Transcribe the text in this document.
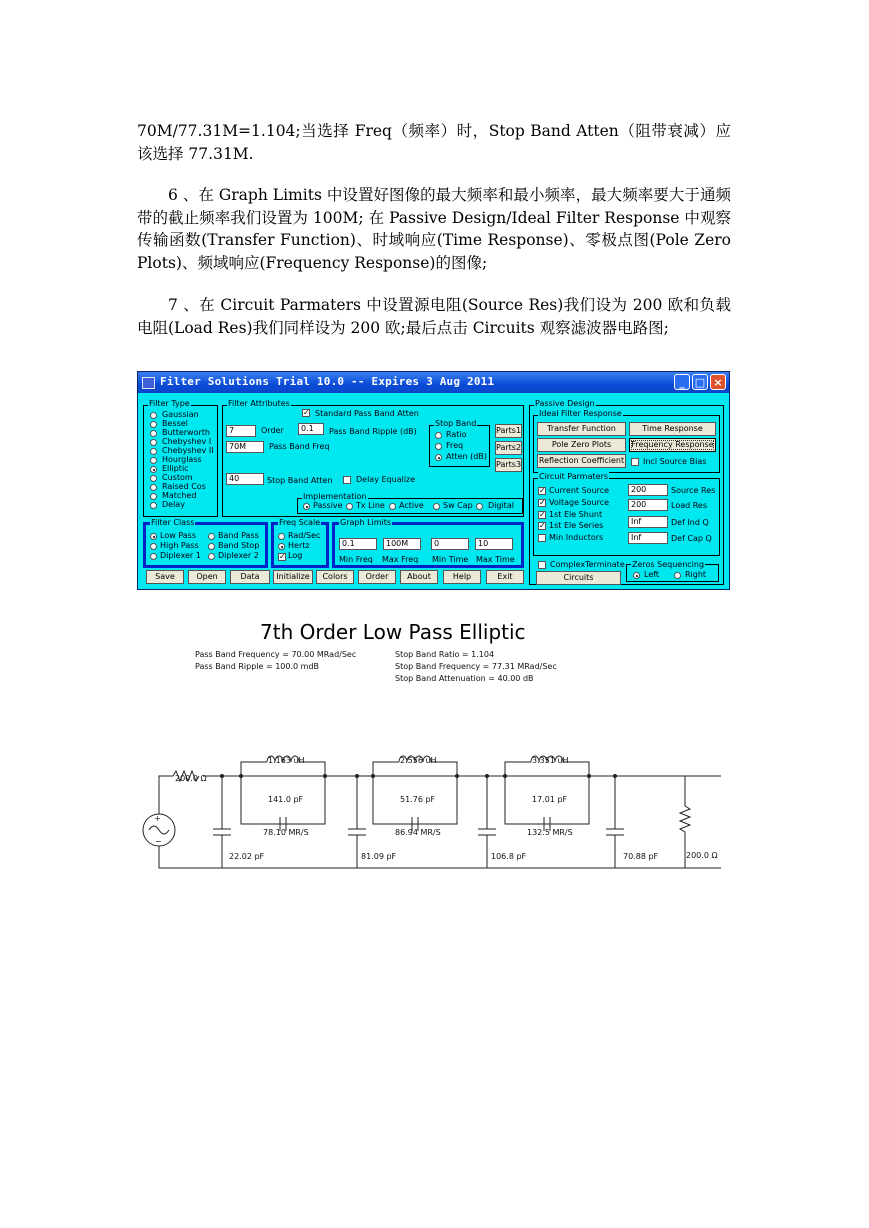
70M/77.31M=1.104;当选择 Freq（频率）时，Stop Band Atten（阻带衰减）应该选择 77.31M.
6 、在 Graph Limits 中设置好图像的最大频率和最小频率，最大频率要大于通频带的截止频率我们设置为 100M; 在 Passive Design/Ideal Filter Response 中观察传输函数(Transfer Function)、时域响应(Time Response)、零极点图(Pole Zero Plots)、频域响应(Frequency Response)的图像;
7 、在 Circuit Parmaters 中设置源电阻(Source Res)我们设为 200 欧和负载电阻(Load Res)我们同样设为 200 欧;最后点击 Circuits 观察滤波器电路图;
Filter Solutions Trial 10.0 -- Expires 3 Aug 2011	_ □ ×
Filter Type
Gaussian
Bessel
Butterworth
Chebyshev I
Chebyshev II
Hourglass
Elliptic
Custom
Raised Cos
Matched
Delay
Filter Attributes
✓ Standard Pass Band Atten
7	Order	0.1	Pass Band Ripple (dB)
70M	Pass Band Freq
40	Stop Band Atten	Delay Equalize
Stop Band
Ratio
Freq
Atten (dB)
Parts1
Parts2
Parts3
Implementation
Passive Tx Line Active Sw Cap Digital
Filter Class
Low Pass
High Pass
Diplexer 1
Band Pass
Band Stop
Diplexer 2
Freq Scale
Rad/Sec
Hertz
✓ Log
Graph Limits
0.1	100M	0	10
Min Freq Max Freq Min Time Max Time
Save	Open	Data	Initialize	Colors	Order	About	Help	Exit
Passive Design
Ideal Filter Response
Transfer Function	Time Response
Pole Zero Plots	Frequency Response
Reflection Coefficient Incl Source Bias
Circuit Parmaters
✓ Current Source
✓ Voltage Source
✓ 1st Ele Shunt
✓ 1st Ele Series
Min Inductors
200	Source Res
200	Load Res
Inf	Def Ind Q
Inf	Def Cap Q
ComplexTerminate
Circuits
Zeros Sequencing
Left	Right
7th Order Low Pass Elliptic
Pass Band Frequency = 70.00 MRad/Sec
Pass Band Ripple = 100.0 mdB
Stop Band Ratio = 1.104
Stop Band Frequency = 77.31 MRad/Sec
Stop Band Attenuation = 40.00 dB
+
−
200.0 Ω
200.0 Ω
1.163 uH	2.556 uH	3.351 uH
141.0 pF	51.76 pF	17.01 pF
78.10 MR/S	86.94 MR/S	132.5 MR/S
22.02 pF	81.09 pF	106.8 pF	70.88 pF
